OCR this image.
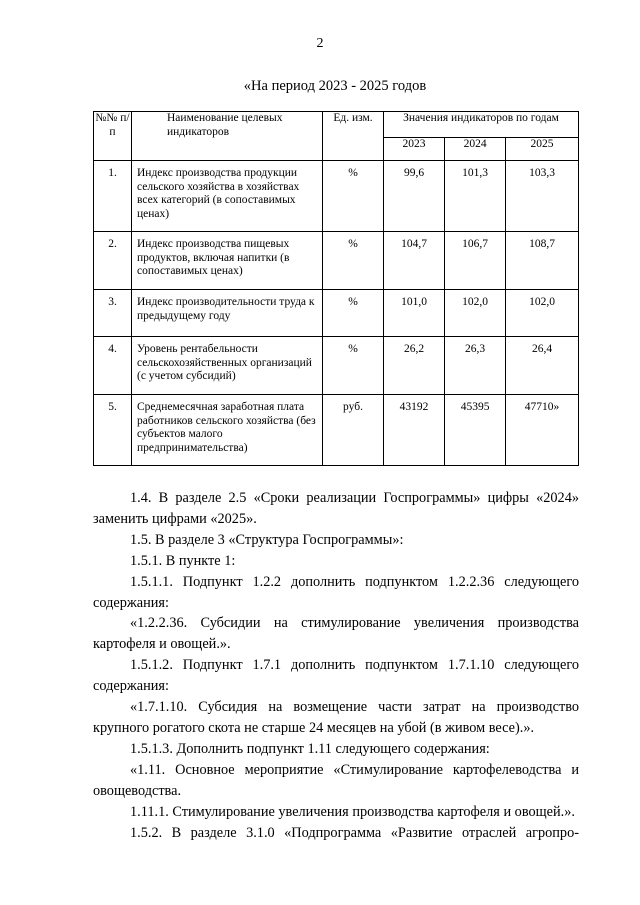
2
«На период 2023 - 2025 годов
№№ п/п	Наименование целевых индикаторов	Ед. изм.	Значения индикаторов по годам		
			2023	2024	2025
1.	Индекс производства продукции сельского хозяйства в хозяйствах всех категорий (в сопоставимых ценах)	%	99,6	101,3	103,3
2.	Индекс производства пищевых продуктов, включая напитки (в сопоставимых ценах)	%	104,7	106,7	108,7
3.	Индекс производительности труда к предыдущему году	%	101,0	102,0	102,0
4.	Уровень рентабельности сельскохозяйственных организаций (с учетом субсидий)	%	26,2	26,3	26,4
5.	Среднемесячная заработная плата работников сельского хозяйства (без субъектов малого предпринимательства)	руб.	43192	45395	47710»

1.4. В разделе 2.5 «Сроки реализации Госпрограммы» цифры «2024» заменить цифрами «2025».

1.5. В разделе 3 «Структура Госпрограммы»:

1.5.1. В пункте 1:

1.5.1.1. Подпункт 1.2.2 дополнить подпунктом 1.2.2.36 следующего содержания:

«1.2.2.36. Субсидии на стимулирование увеличения производства картофеля и овощей.».

1.5.1.2. Подпункт 1.7.1 дополнить подпунктом 1.7.1.10 следующего содержания:

«1.7.1.10. Субсидия на возмещение части затрат на производство крупного рогатого скота не старше 24 месяцев на убой (в живом весе).».

1.5.1.3. Дополнить подпункт 1.11 следующего содержания:

«1.11. Основное мероприятие «Стимулирование картофелеводства и овощеводства.

1.11.1. Стимулирование увеличения производства картофеля и овощей.».

1.5.2. В разделе 3.1.0 «Подпрограмма «Развитие отраслей агропро-
